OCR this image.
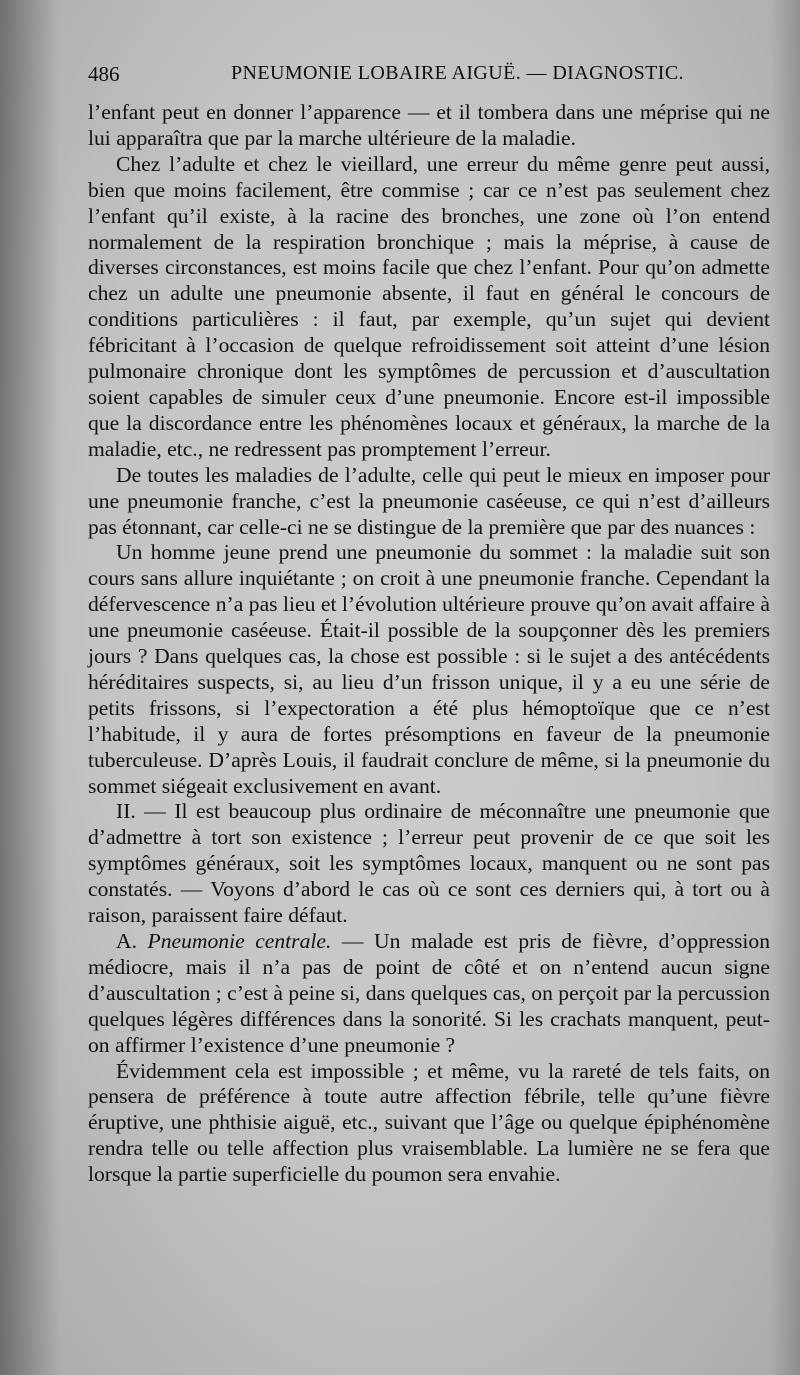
486	PNEUMONIE LOBAIRE AIGUË. — DIAGNOSTIC.

l’enfant peut en donner l’apparence — et il tombera dans une méprise qui ne lui apparaîtra que par la marche ultérieure de la maladie.

Chez l’adulte et chez le vieillard, une erreur du même genre peut aussi, bien que moins facilement, être commise ; car ce n’est pas seulement chez l’enfant qu’il existe, à la racine des bronches, une zone où l’on entend normalement de la respiration bronchique ; mais la méprise, à cause de diverses circonstances, est moins facile que chez l’enfant. Pour qu’on admette chez un adulte une pneumonie absente, il faut en général le concours de conditions particulières : il faut, par exemple, qu’un sujet qui devient fébricitant à l’occasion de quelque refroidissement soit atteint d’une lésion pulmonaire chronique dont les symptômes de percussion et d’auscultation soient capables de simuler ceux d’une pneumonie. Encore est-il impossible que la discordance entre les phénomènes locaux et généraux, la marche de la maladie, etc., ne redressent pas promptement l’erreur.

De toutes les maladies de l’adulte, celle qui peut le mieux en imposer pour une pneumonie franche, c’est la pneumonie caséeuse, ce qui n’est d’ailleurs pas étonnant, car celle-ci ne se distingue de la première que par des nuances :

Un homme jeune prend une pneumonie du sommet : la maladie suit son cours sans allure inquiétante ; on croit à une pneumonie franche. Cependant la défervescence n’a pas lieu et l’évolution ultérieure prouve qu’on avait affaire à une pneumonie caséeuse. Était-il possible de la soupçonner dès les premiers jours ? Dans quelques cas, la chose est possible : si le sujet a des antécédents héréditaires suspects, si, au lieu d’un frisson unique, il y a eu une série de petits frissons, si l’expectoration a été plus hémoptoïque que ce n’est l’habitude, il y aura de fortes présomptions en faveur de la pneumonie tuberculeuse. D’après Louis, il faudrait conclure de même, si la pneumonie du sommet siégeait exclusivement en avant.

II. — Il est beaucoup plus ordinaire de méconnaître une pneumonie que d’admettre à tort son existence ; l’erreur peut provenir de ce que soit les symptômes généraux, soit les symptômes locaux, manquent ou ne sont pas constatés. — Voyons d’abord le cas où ce sont ces derniers qui, à tort ou à raison, paraissent faire défaut.

A. Pneumonie centrale. — Un malade est pris de fièvre, d’oppression médiocre, mais il n’a pas de point de côté et on n’entend aucun signe d’auscultation ; c’est à peine si, dans quelques cas, on perçoit par la percussion quelques légères différences dans la sonorité. Si les crachats manquent, peut-on affirmer l’existence d’une pneumonie ?

Évidemment cela est impossible ; et même, vu la rareté de tels faits, on pensera de préférence à toute autre affection fébrile, telle qu’une fièvre éruptive, une phthisie aiguë, etc., suivant que l’âge ou quelque épiphénomène rendra telle ou telle affection plus vraisemblable. La lumière ne se fera que lorsque la partie superficielle du poumon sera envahie.
